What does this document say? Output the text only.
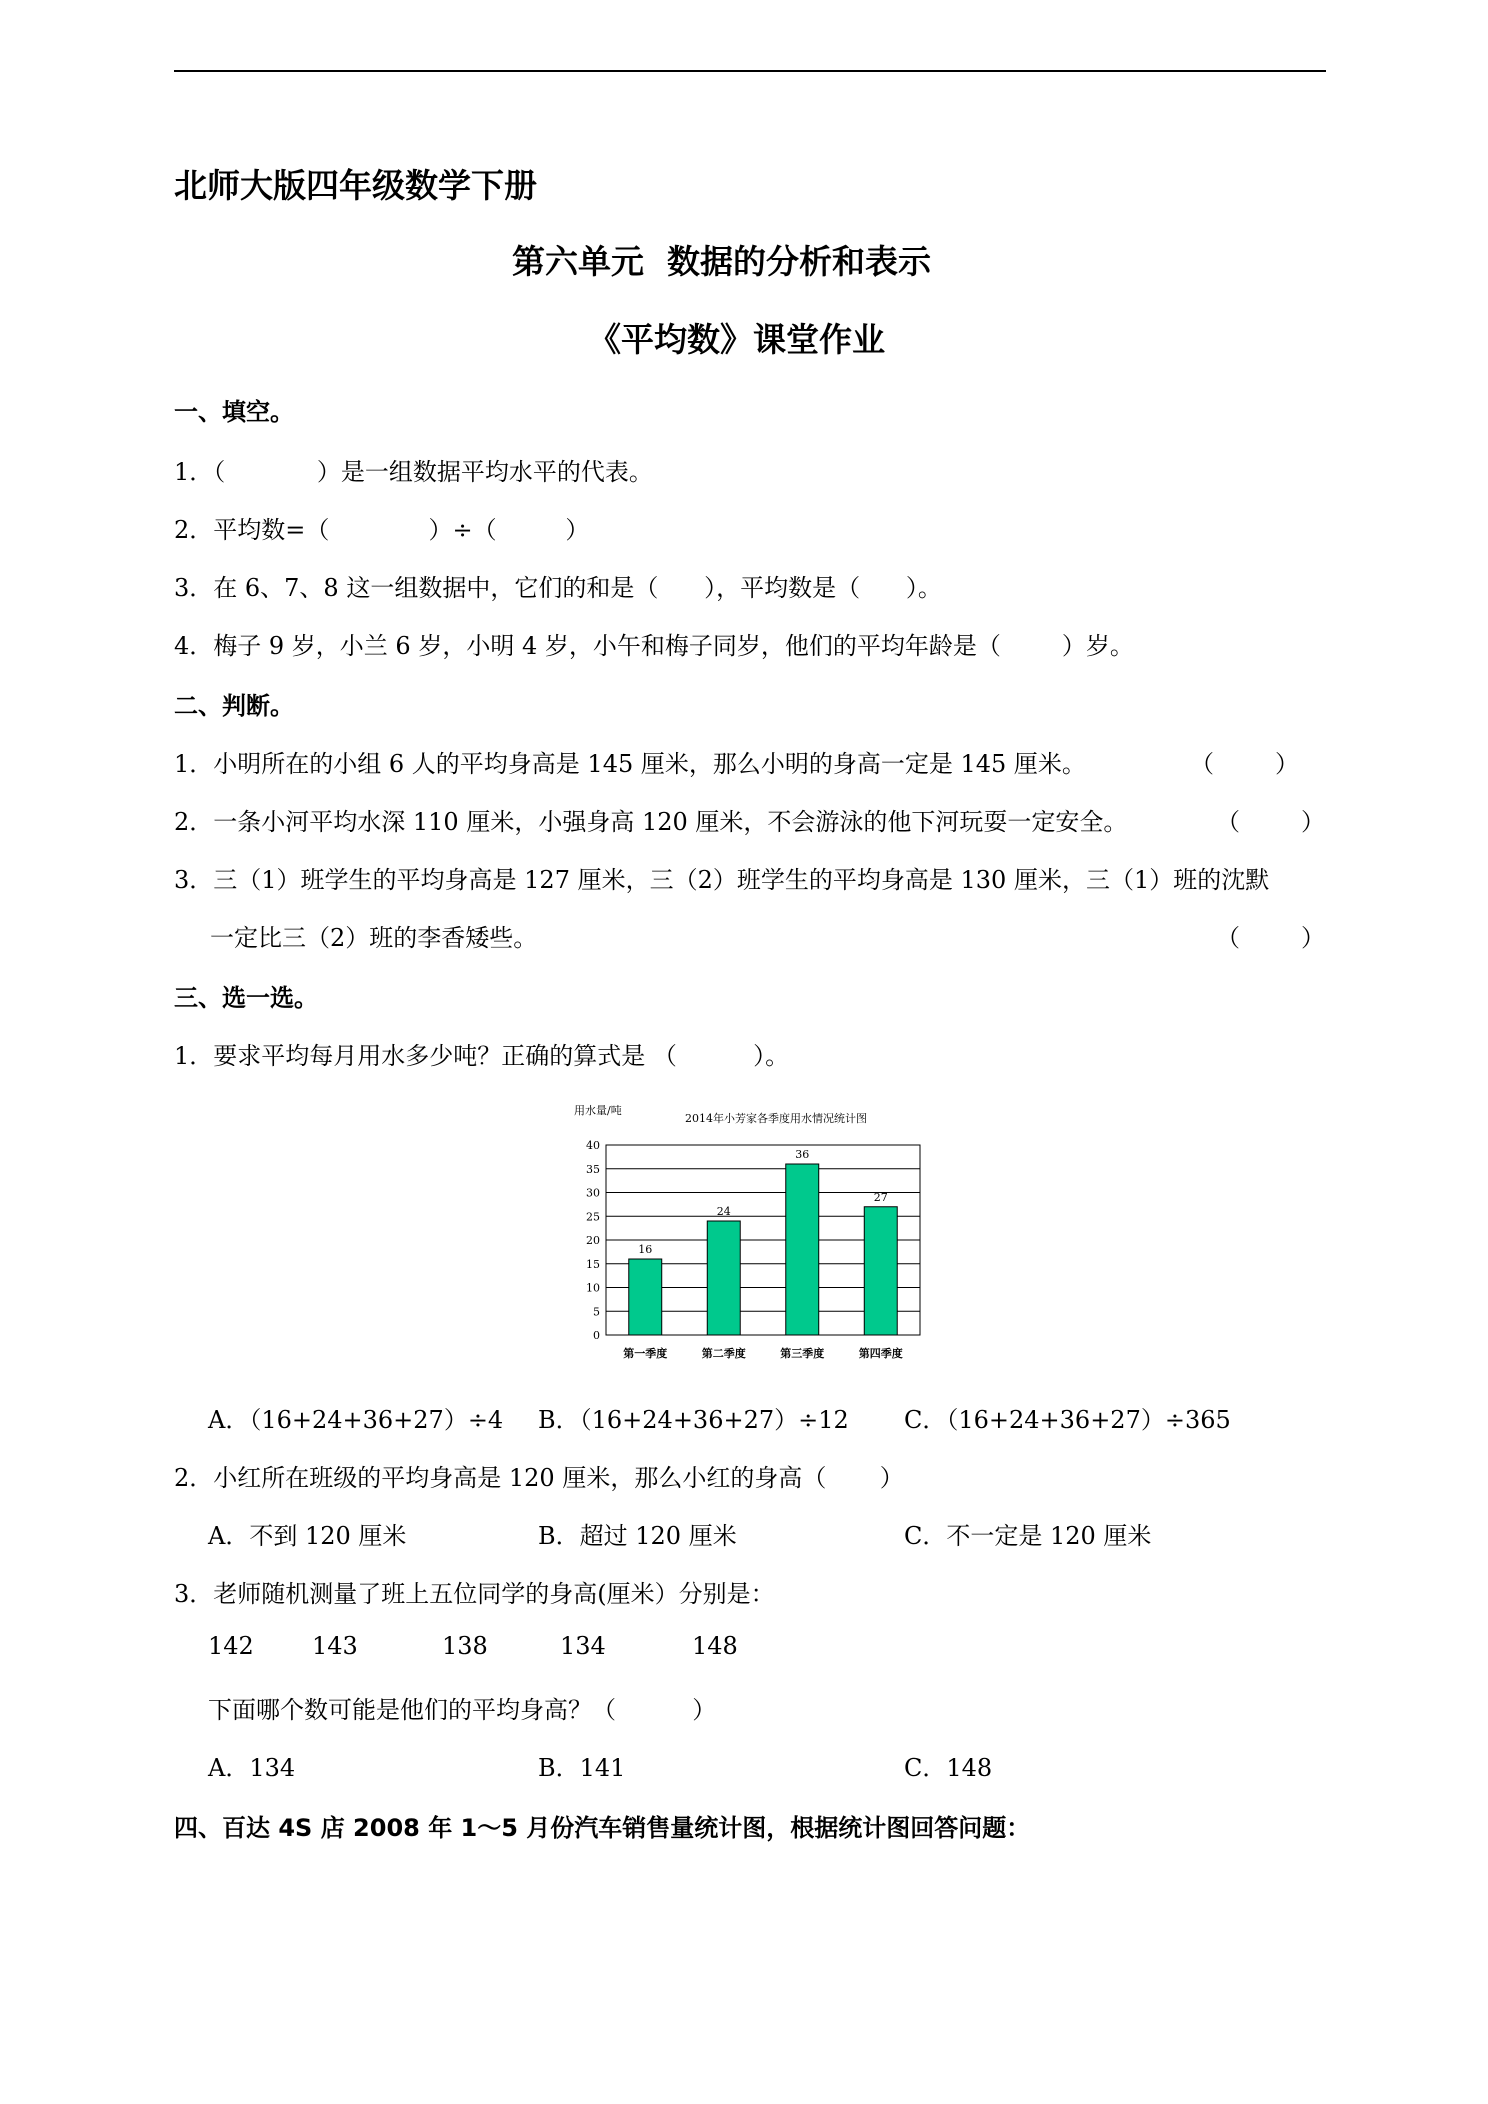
北师大版四年级数学下册
第六单元  数据的分析和表示
《平均数》课堂作业
一、填空。
1．（            ）是一组数据平均水平的代表。
2．平均数=（             ）÷（         ）
3．在 6、7、8 这一组数据中，它们的和是（      ），平均数是（      ）。
4．梅子 9 岁，小兰 6 岁，小明 4 岁，小午和梅子同岁，他们的平均年龄是（        ）岁。
二、判断。
1．小明所在的小组 6 人的平均身高是 145 厘米，那么小明的身高一定是 145 厘米。	（        ）
2．一条小河平均水深 110 厘米，小强身高 120 厘米，不会游泳的他下河玩耍一定安全。	（        ）
3．三（1）班学生的平均身高是 127 厘米，三（2）班学生的平均身高是 130 厘米，三（1）班的沈默
一定比三（2）班的李香矮些。	（        ）
三、选一选。
1．要求平均每月用水多少吨？正确的算式是 （          ）。
0
5
10
15
20
25
30
35
40
16
第一季度
24
第二季度
36
第三季度
27
第四季度
用水量/吨
2014年小芳家各季度用水情况统计图
A．（16+24+36+27）÷4 B．（16+24+36+27）÷12 C．（16+24+36+27）÷365
2．小红所在班级的平均身高是 120 厘米，那么小红的身高（       ）
A．不到 120 厘米	B．超过 120 厘米	C．不一定是 120 厘米
3．老师随机测量了班上五位同学的身高(厘米）分别是：
142 143	138	134	148
下面哪个数可能是他们的平均身高？（          ）
A．134	B．141	C．148
四、百达 4S 店 2008 年 1～5 月份汽车销售量统计图，根据统计图回答问题：
